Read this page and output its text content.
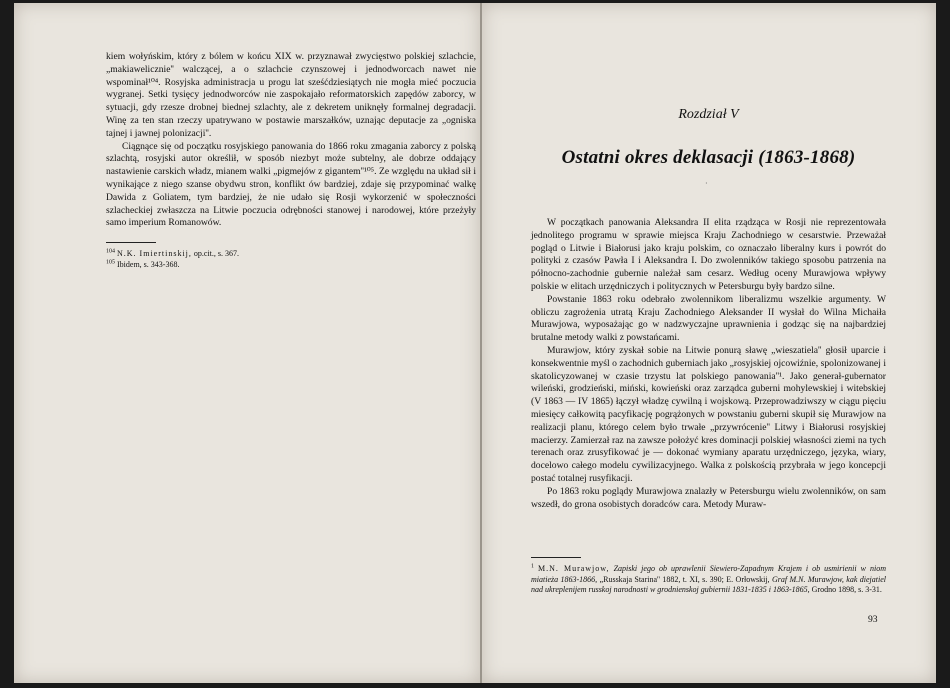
kiem wołyńskim, który z bólem w końcu XIX w. przyznawał zwycięstwo polskiej szlachcie, „makiawelicznie'' walczącej, a o szlachcie czynszowej i jednodworcach nawet nie wspominał¹⁰⁴. Rosyjska administracja u progu lat sześćdziesiątych nie mogła mieć poczucia wygranej. Setki tysięcy jednodworców nie zaspokajało reformatorskich zapędów zaborcy, w sytuacji, gdy rzesze drobnej biednej szlachty, ale z dekretem uniknęły formalnej degradacji. Winę za ten stan rzeczy upatrywano w postawie marszałków, uznając deputacje za „ogniska tajnej i jawnej polonizacji''.

Ciągnące się od początku rosyjskiego panowania do 1866 roku zmagania zaborcy z polską szlachtą, rosyjski autor określił, w sposób niezbyt może subtelny, ale dobrze oddający nastawienie carskich władz, mianem walki „pigmejów z gigantem''¹⁰⁵. Ze względu na układ sił i wynikające z niego szanse obydwu stron, konflikt ów bardziej, zdaje się przypominać walkę Dawida z Goliatem, tym bardziej, że nie udało się Rosji wykorzenić w społeczności szlacheckiej zwłaszcza na Litwie poczucia odrębności stanowej i narodowej, które przeżyły samo imperium Romanowów.

$^{104}$ N.K. Imiertinskij, op.cit., s. 367.

$^{105}$ Ibidem, s. 343-368.

Rozdział V
Ostatni okres deklasacji (1863-1868)
·

W początkach panowania Aleksandra II elita rządząca w Rosji nie reprezentowała jednolitego programu w sprawie miejsca Kraju Zachodniego w cesarstwie. Przeważał pogląd o Litwie i Białorusi jako kraju polskim, co oznaczało liberalny kurs i powrót do polityki z czasów Pawła I i Aleksandra I. Do zwolenników takiego sposobu patrzenia na północno-zachodnie gubernie należał sam cesarz. Według oceny Murawjowa wpływy polskie w elitach urzędniczych i politycznych w Petersburgu były bardzo silne.

Powstanie 1863 roku odebrało zwolennikom liberalizmu wszelkie argumenty. W obliczu zagrożenia utratą Kraju Zachodniego Aleksander II wysłał do Wilna Michaiła Murawjowa, wyposażając go w nadzwyczajne uprawnienia i godząc się na najbardziej brutalne metody walki z powstańcami.

Murawjow, który zyskał sobie na Litwie ponurą sławę „wieszatiela'' głosił uparcie i konsekwentnie myśl o zachodnich guberniach jako „rosyjskiej ojcowiźnie, spolonizowanej i skatolicyzowanej w czasie trzystu lat polskiego panowania''¹. Jako generał-gubernator wileński, grodzieński, miński, kowieński oraz zarządca guberni mohylewskiej i witebskiej (V 1863 — IV 1865) łączył władzę cywilną i wojskową. Przeprowadziwszy w ciągu pięciu miesięcy całkowitą pacyfikację pogrążonych w powstaniu guberni skupił się Murawjow na realizacji planu, którego celem było trwałe „przywrócenie'' Litwy i Białorusi rosyjskiej macierzy. Zamierzał raz na zawsze położyć kres dominacji polskiej własności ziemi na tych terenach oraz zrusyfikować je — dokonać wymiany aparatu urzędniczego, języka, wiary, docelowo całego modelu cywilizacyjnego. Walka z polskością przybrała w jego koncepcji postać totalnej rusyfikacji.

Po 1863 roku poglądy Murawjowa znalazły w Petersburgu wielu zwolenników, on sam wszedł, do grona osobistych doradców cara. Metody Muraw-

$^1$ M.N. Murawjow, Zapiski jego ob uprawlenii Siewiero-Zapadnym Krajem i ob usmirienii w niom miatieża 1863-1866, „Russkaja Starina'' 1882, t. XI, s. 390; E. Orłowskij, Graf M.N. Murawjow, kak diejatiel nad ukreplenijem russkoj narodnosti w grodnienskoj gubiernii 1831-1835 i 1863-1865, Grodno 1898, s. 3-31.

93
